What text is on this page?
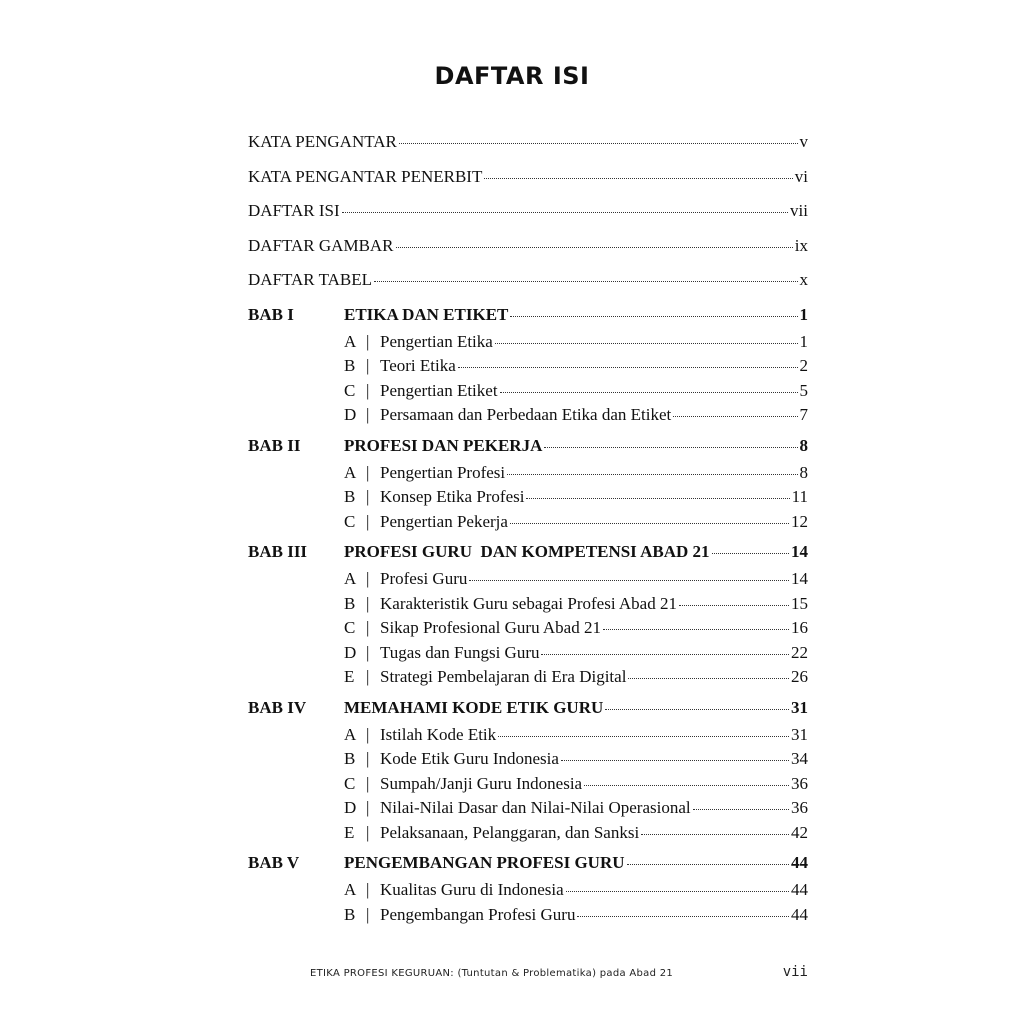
DAFTAR ISI
KATA PENGANTAR	v
KATA PENGANTAR PENERBIT	vi
DAFTAR ISI	vii
DAFTAR GAMBAR	ix
DAFTAR TABEL	x
BAB I	ETIKA DAN ETIKET	1
A | Pengertian Etika	1
B | Teori Etika	2
C | Pengertian Etiket	5
D | Persamaan dan Perbedaan Etika dan Etiket	7
BAB II	PROFESI DAN PEKERJA	8
A | Pengertian Profesi	8
B | Konsep Etika Profesi	11
C | Pengertian Pekerja	12
BAB III PROFESI GURU  DAN KOMPETENSI ABAD 21	14
A | Profesi Guru	14
B | Karakteristik Guru sebagai Profesi Abad 21	15
C | Sikap Profesional Guru Abad 21	16
D | Tugas dan Fungsi Guru	22
E | Strategi Pembelajaran di Era Digital	26
BAB IV MEMAHAMI KODE ETIK GURU	31
A | Istilah Kode Etik	31
B | Kode Etik Guru Indonesia	34
C | Sumpah/Janji Guru Indonesia	36
D | Nilai-Nilai Dasar dan Nilai-Nilai Operasional	36
E | Pelaksanaan, Pelanggaran, dan Sanksi	42
BAB V	PENGEMBANGAN PROFESI GURU	44
A | Kualitas Guru di Indonesia	44
B | Pengembangan Profesi Guru	44
ETIKA PROFESI KEGURUAN: (Tuntutan & Problematika) pada Abad 21	vii
